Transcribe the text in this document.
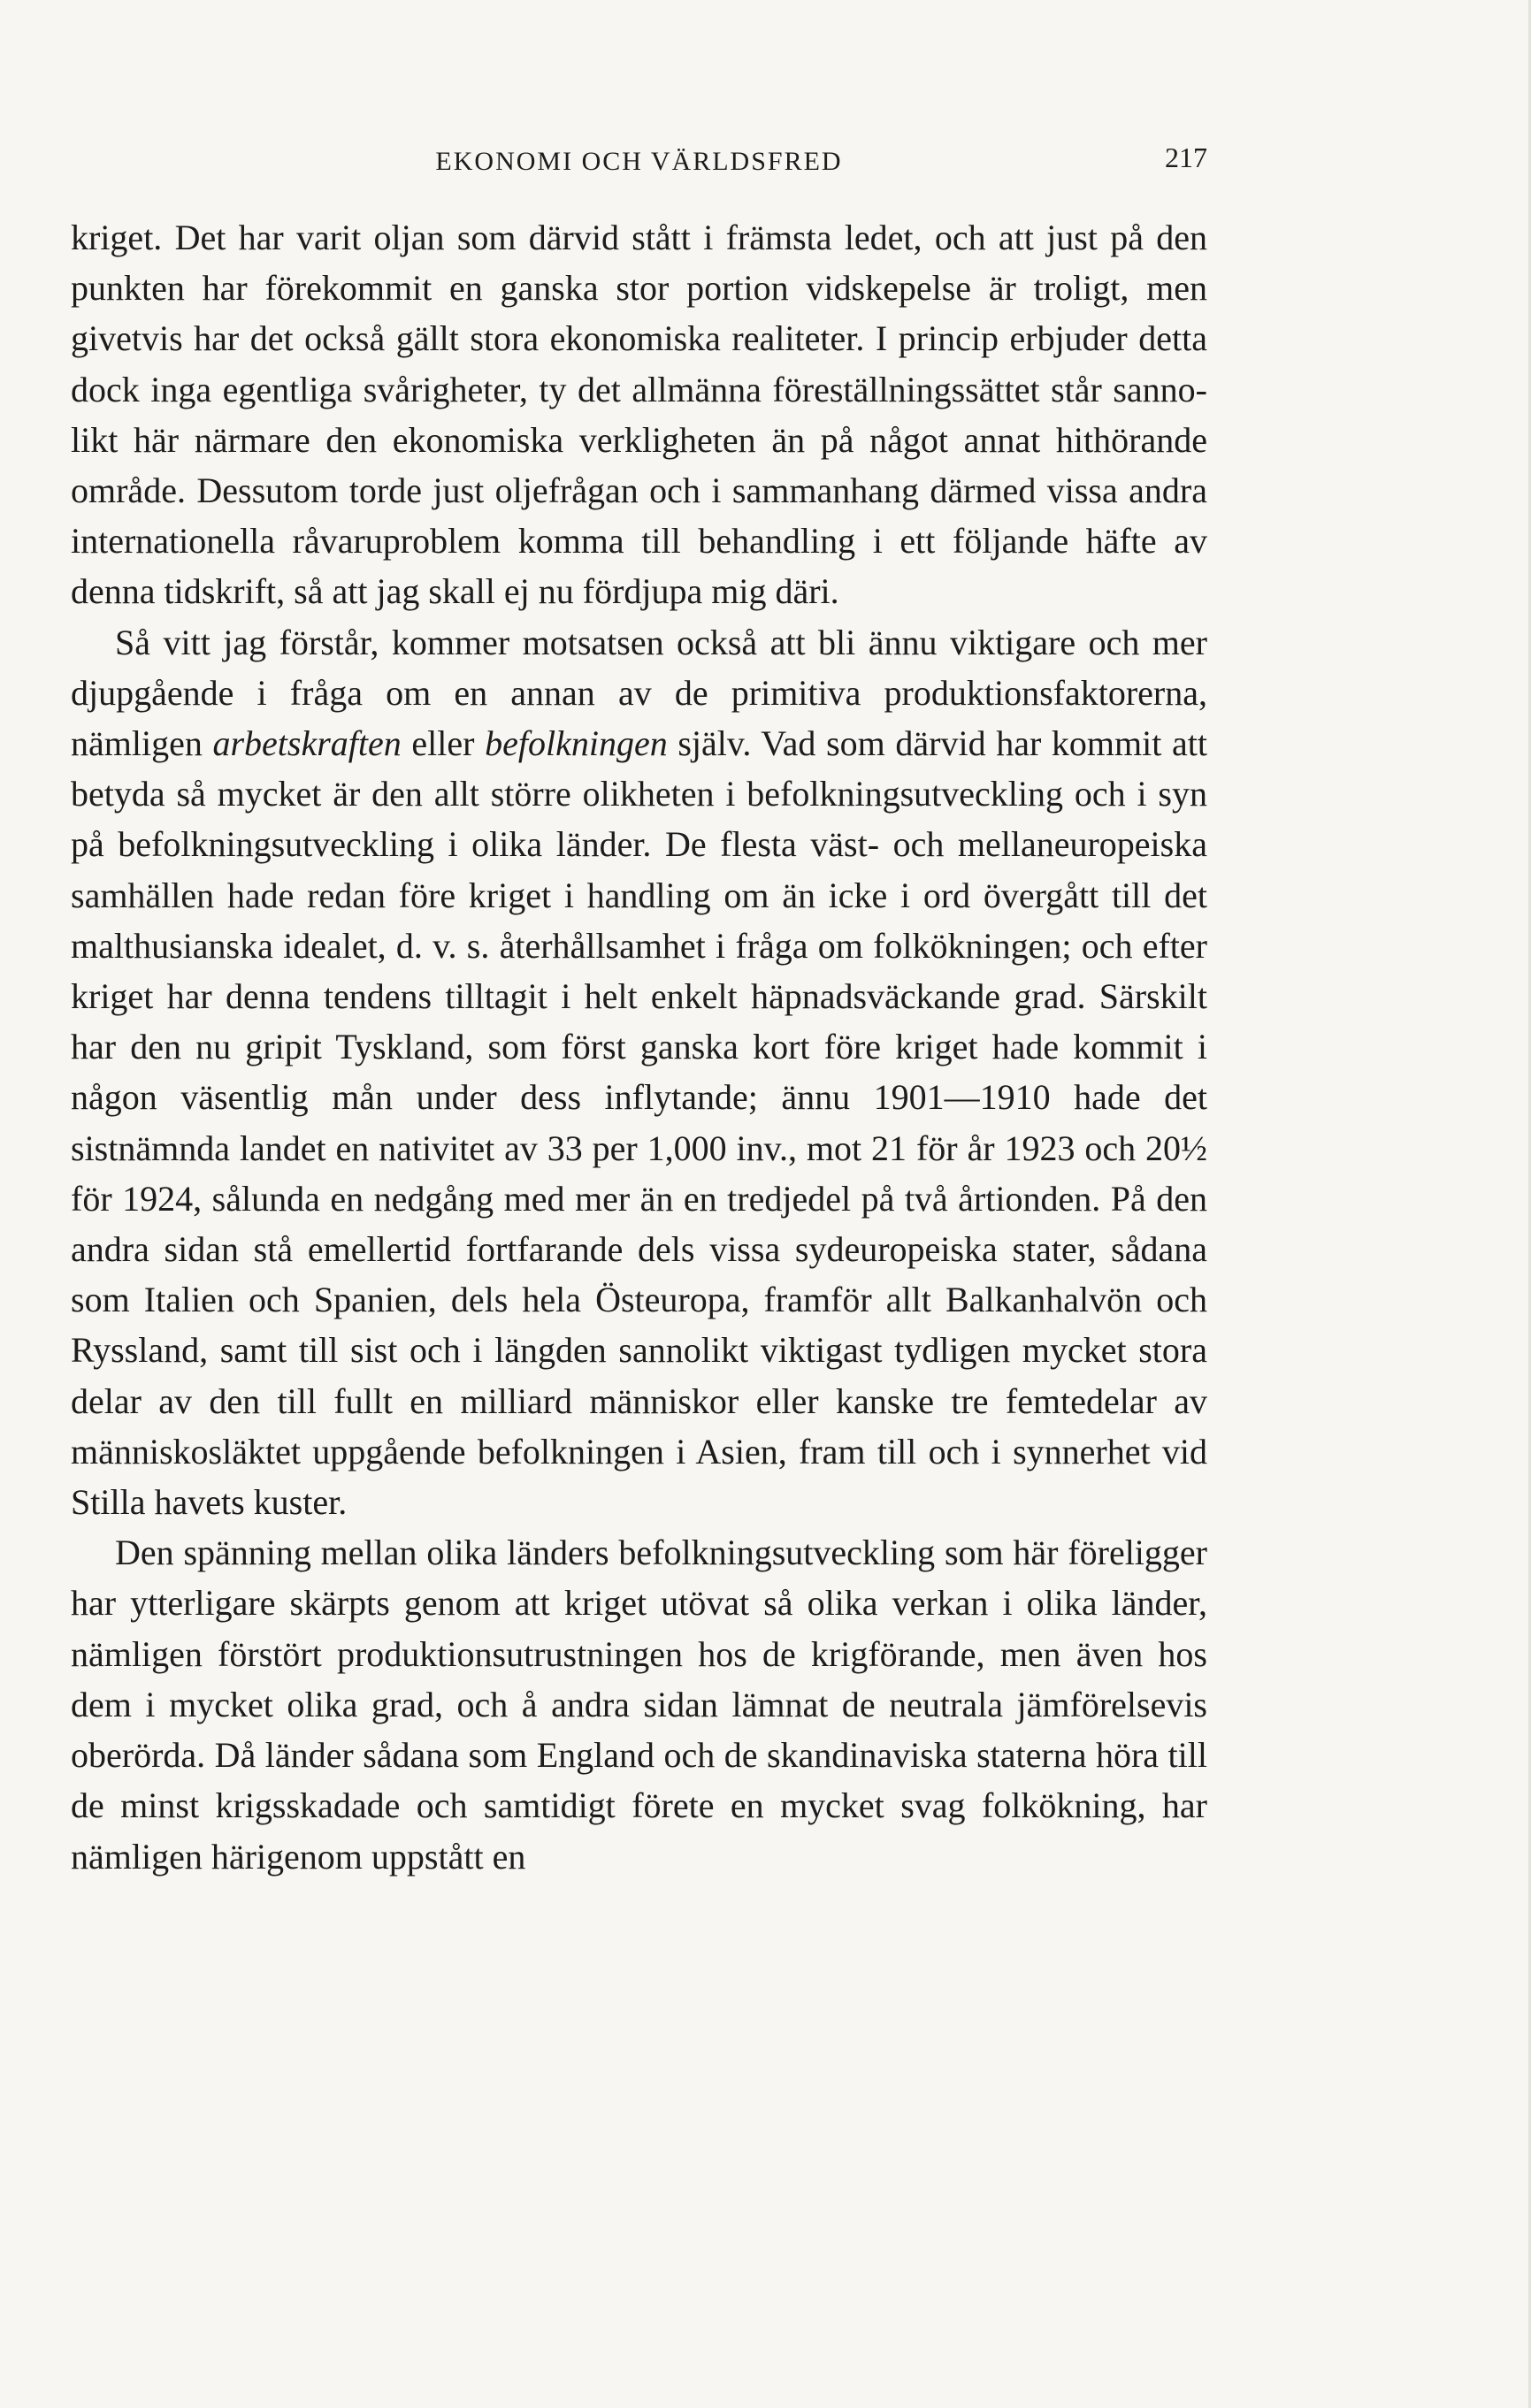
EKONOMI OCH VÄRLDSFRED	217

kriget. Det har varit oljan som därvid stått i främsta ledet, och att just på den punkten har förekommit en ganska stor portion vidskepelse är troligt, men givetvis har det också gällt stora ekonomiska realiteter. I princip erbjuder detta dock inga egentliga svårigheter, ty det allmänna föreställningssättet står sannolikt här närmare den ekonomiska verkligheten än på något annat hithörande område. Dessutom torde just oljefrågan och i sammanhang därmed vissa andra internationella råvaruproblem komma till behandling i ett följande häfte av denna tidskrift, så att jag skall ej nu fördjupa mig däri.

Så vitt jag förstår, kommer motsatsen också att bli ännu viktigare och mer djupgående i fråga om en annan av de primitiva produktionsfaktorerna, nämligen arbetskraften eller befolkningen själv. Vad som därvid har kommit att betyda så mycket är den allt större olikheten i befolkningsutveckling och i syn på befolkningsutveckling i olika länder. De flesta väst- och mellaneuropeiska samhällen hade redan före kriget i handling om än icke i ord övergått till det malthusianska idealet, d. v. s. återhållsamhet i fråga om folkökningen; och efter kriget har denna tendens tilltagit i helt enkelt häpnadsväckande grad. Särskilt har den nu gripit Tyskland, som först ganska kort före kriget hade kommit i någon väsentlig mån under dess inflytande; ännu 1901—1910 hade det sistnämnda landet en nativitet av 33 per 1,000 inv., mot 21 för år 1923 och 20½ för 1924, sålunda en nedgång med mer än en tredjedel på två årtionden. På den andra sidan stå emellertid fortfarande dels vissa sydeuropeiska stater, sådana som Italien och Spanien, dels hela Östeuropa, framför allt Balkanhalvön och Ryssland, samt till sist och i längden sannolikt viktigast tydligen mycket stora delar av den till fullt en milliard människor eller kanske tre femtedelar av människosläktet uppgående befolkningen i Asien, fram till och i synnerhet vid Stilla havets kuster.

Den spänning mellan olika länders befolkningsutveckling som här föreligger har ytterligare skärpts genom att kriget utövat så olika verkan i olika länder, nämligen förstört produktionsutrustningen hos de krigförande, men även hos dem i mycket olika grad, och å andra sidan lämnat de neutrala jämförelsevis oberörda. Då länder sådana som England och de skandinaviska staterna höra till de minst krigsskadade och samtidigt förete en mycket svag folkökning, har nämligen härigenom uppstått en
